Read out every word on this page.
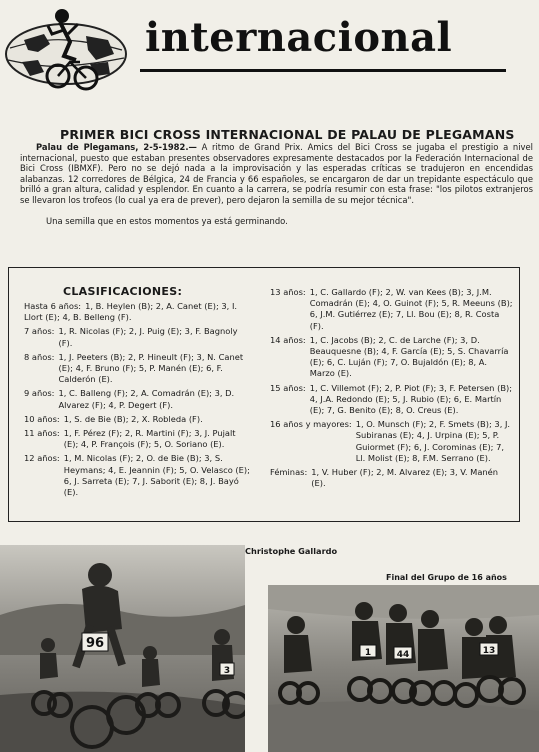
internacional
PRIMER BICI CROSS INTERNACIONAL DE PALAU DE PLEGAMANS
Palau de Plegamans, 2-5-1982.— A ritmo de Grand Prix. Amics del Bici Cross se jugaba el prestigio a nivel internacional, puesto que estaban presentes observadores expresamente destacados por la Federación Internacional de Bici Cross (IBMXF). Pero no se dejó nada a la improvisación y las esperadas críticas se tradujeron en encendidas alabanzas. 12 corredores de Bélgica, 24 de Francia y 66 españoles, se encargaron de dar un trepidante espectáculo que brilló a gran altura, calidad y esplendor. En cuanto a la carrera, se podría resumir con esta frase: "los pilotos extranjeros se llevaron los trofeos (lo cual ya era de prever), pero dejaron la semilla de su mejor técnica".
Una semilla que en estos momentos ya está germinando.
CLASIFICACIONES:
Hasta 6 años: 1, B. Heylen (B); 2, A. Canet (E); 3, I. Llort (E); 4, B. Belleng (F).
7 años: 1, R. Nicolas (F); 2, J. Puig (E); 3, F. Bagnoly (F).
8 años: 1, J. Peeters (B); 2, P. Hineult (F); 3, N. Canet (E); 4, F. Bruno (F); 5, P. Manén (E); 6, F. Calderón (E).
9 años: 1, C. Balleng (F); 2, A. Comadrán (E); 3, D. Alvarez (F); 4, P. Degert (F).
10 años: 1, S. de Bie (B); 2, X. Robleda (F).
11 años: 1, F. Pérez (F); 2, R. Martini (F); 3, J. Pujalt (E); 4, P. François (F); 5, O. Soriano (E).
12 años: 1, M. Nicolas (F); 2, O. de Bie (B); 3, S. Heymans; 4, E. Jeannin (F); 5, O. Velasco (E); 6, J. Sarreta (E); 7, J. Saborit (E); 8, J. Bayó (E).
13 años: 1, C. Gallardo (F); 2, W. van Kees (B); 3, J.M. Comadrán (E); 4, O. Guinot (F); 5, R. Meeuns (B); 6, J.M. Gutiérrez (E); 7, Ll. Bou (E); 8, R. Costa (F).
14 años: 1, C. Jacobs (B); 2, C. de Larche (F); 3, D. Beauquesne (B); 4, F. García (E); 5, S. Chavarría (E); 6, C. Luján (F); 7, O. Bujaldón (E); 8, A. Marzo (E).
15 años: 1, C. Villemot (F); 2, P. Piot (F); 3, F. Petersen (B); 4, J.A. Redondo (E); 5, J. Rubio (E); 6, E. Martín (E); 7, G. Benito (E); 8, O. Creus (E).
16 años y mayores: 1, O. Munsch (F); 2, F. Smets (B); 3, J. Subiranas (E); 4, J. Urpina (E); 5, P. Guiormet (F); 6, J. Corominas (E); 7, Ll. Molist (E); 8, F.M. Serrano (E).
Féminas: 1, V. Huber (F); 2, M. Alvarez (E); 3, V. Manén (E).
Christophe Gallardo
Final del Grupo de 16 años
96
3
1	44	13
